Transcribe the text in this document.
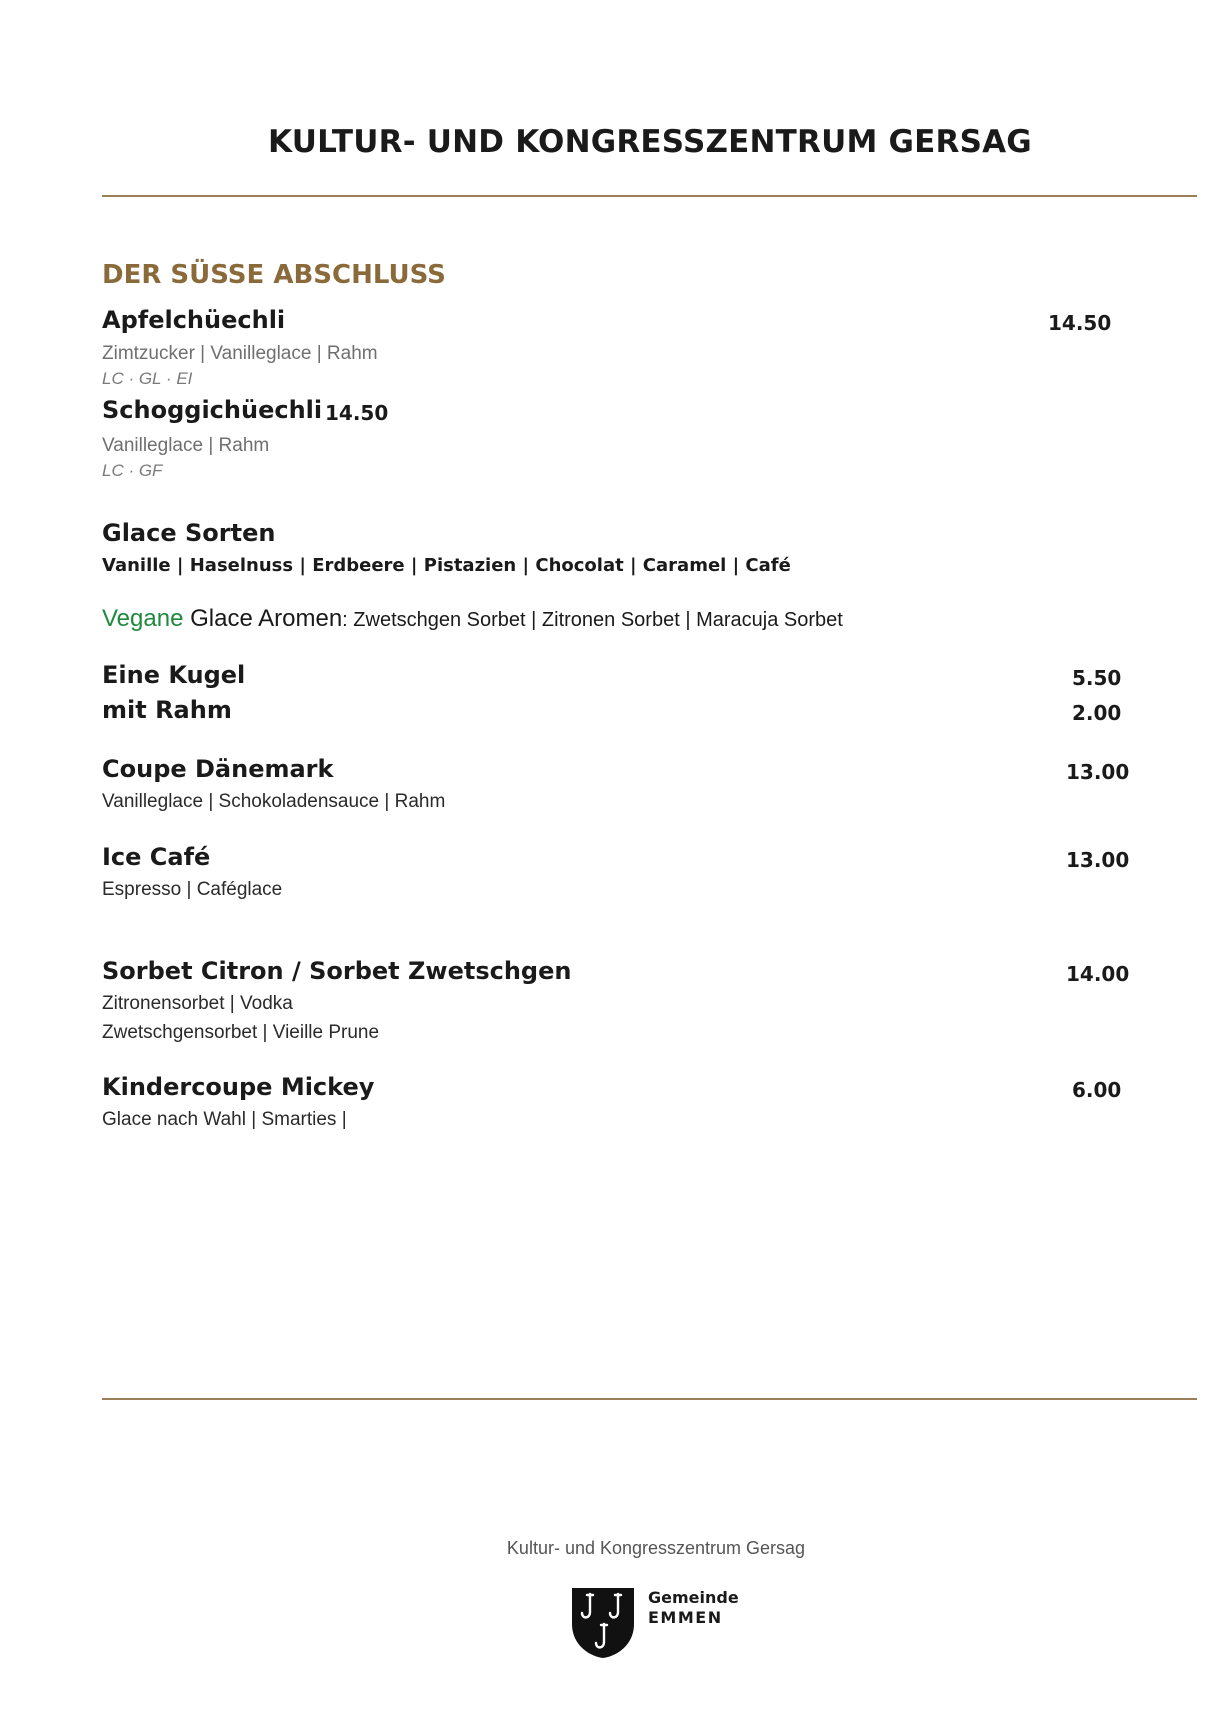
KULTUR- UND KONGRESSZENTRUM GERSAG
DER SÜSSE ABSCHLUSS
Apfelchüechli	14.50
Zimtzucker | Vanilleglace | Rahm
LC · GL · EI
Schoggichüechli 14.50
Vanilleglace | Rahm
LC · GF
Glace Sorten
Vanille | Haselnuss | Erdbeere | Pistazien | Chocolat | Caramel | Café
Vegane Glace Aromen: Zwetschgen Sorbet | Zitronen Sorbet | Maracuja Sorbet
Eine Kugel	5.50
mit Rahm	2.00
Coupe Dänemark	13.00
Vanilleglace | Schokoladensauce | Rahm
Ice Café	13.00
Espresso | Caféglace
Sorbet Citron / Sorbet Zwetschgen	14.00
Zitronensorbet | Vodka
Zwetschgensorbet | Vieille Prune
Kindercoupe Mickey	6.00
Glace nach Wahl | Smarties |
Kultur- und Kongresszentrum Gersag
Gemeinde
EMMEN
